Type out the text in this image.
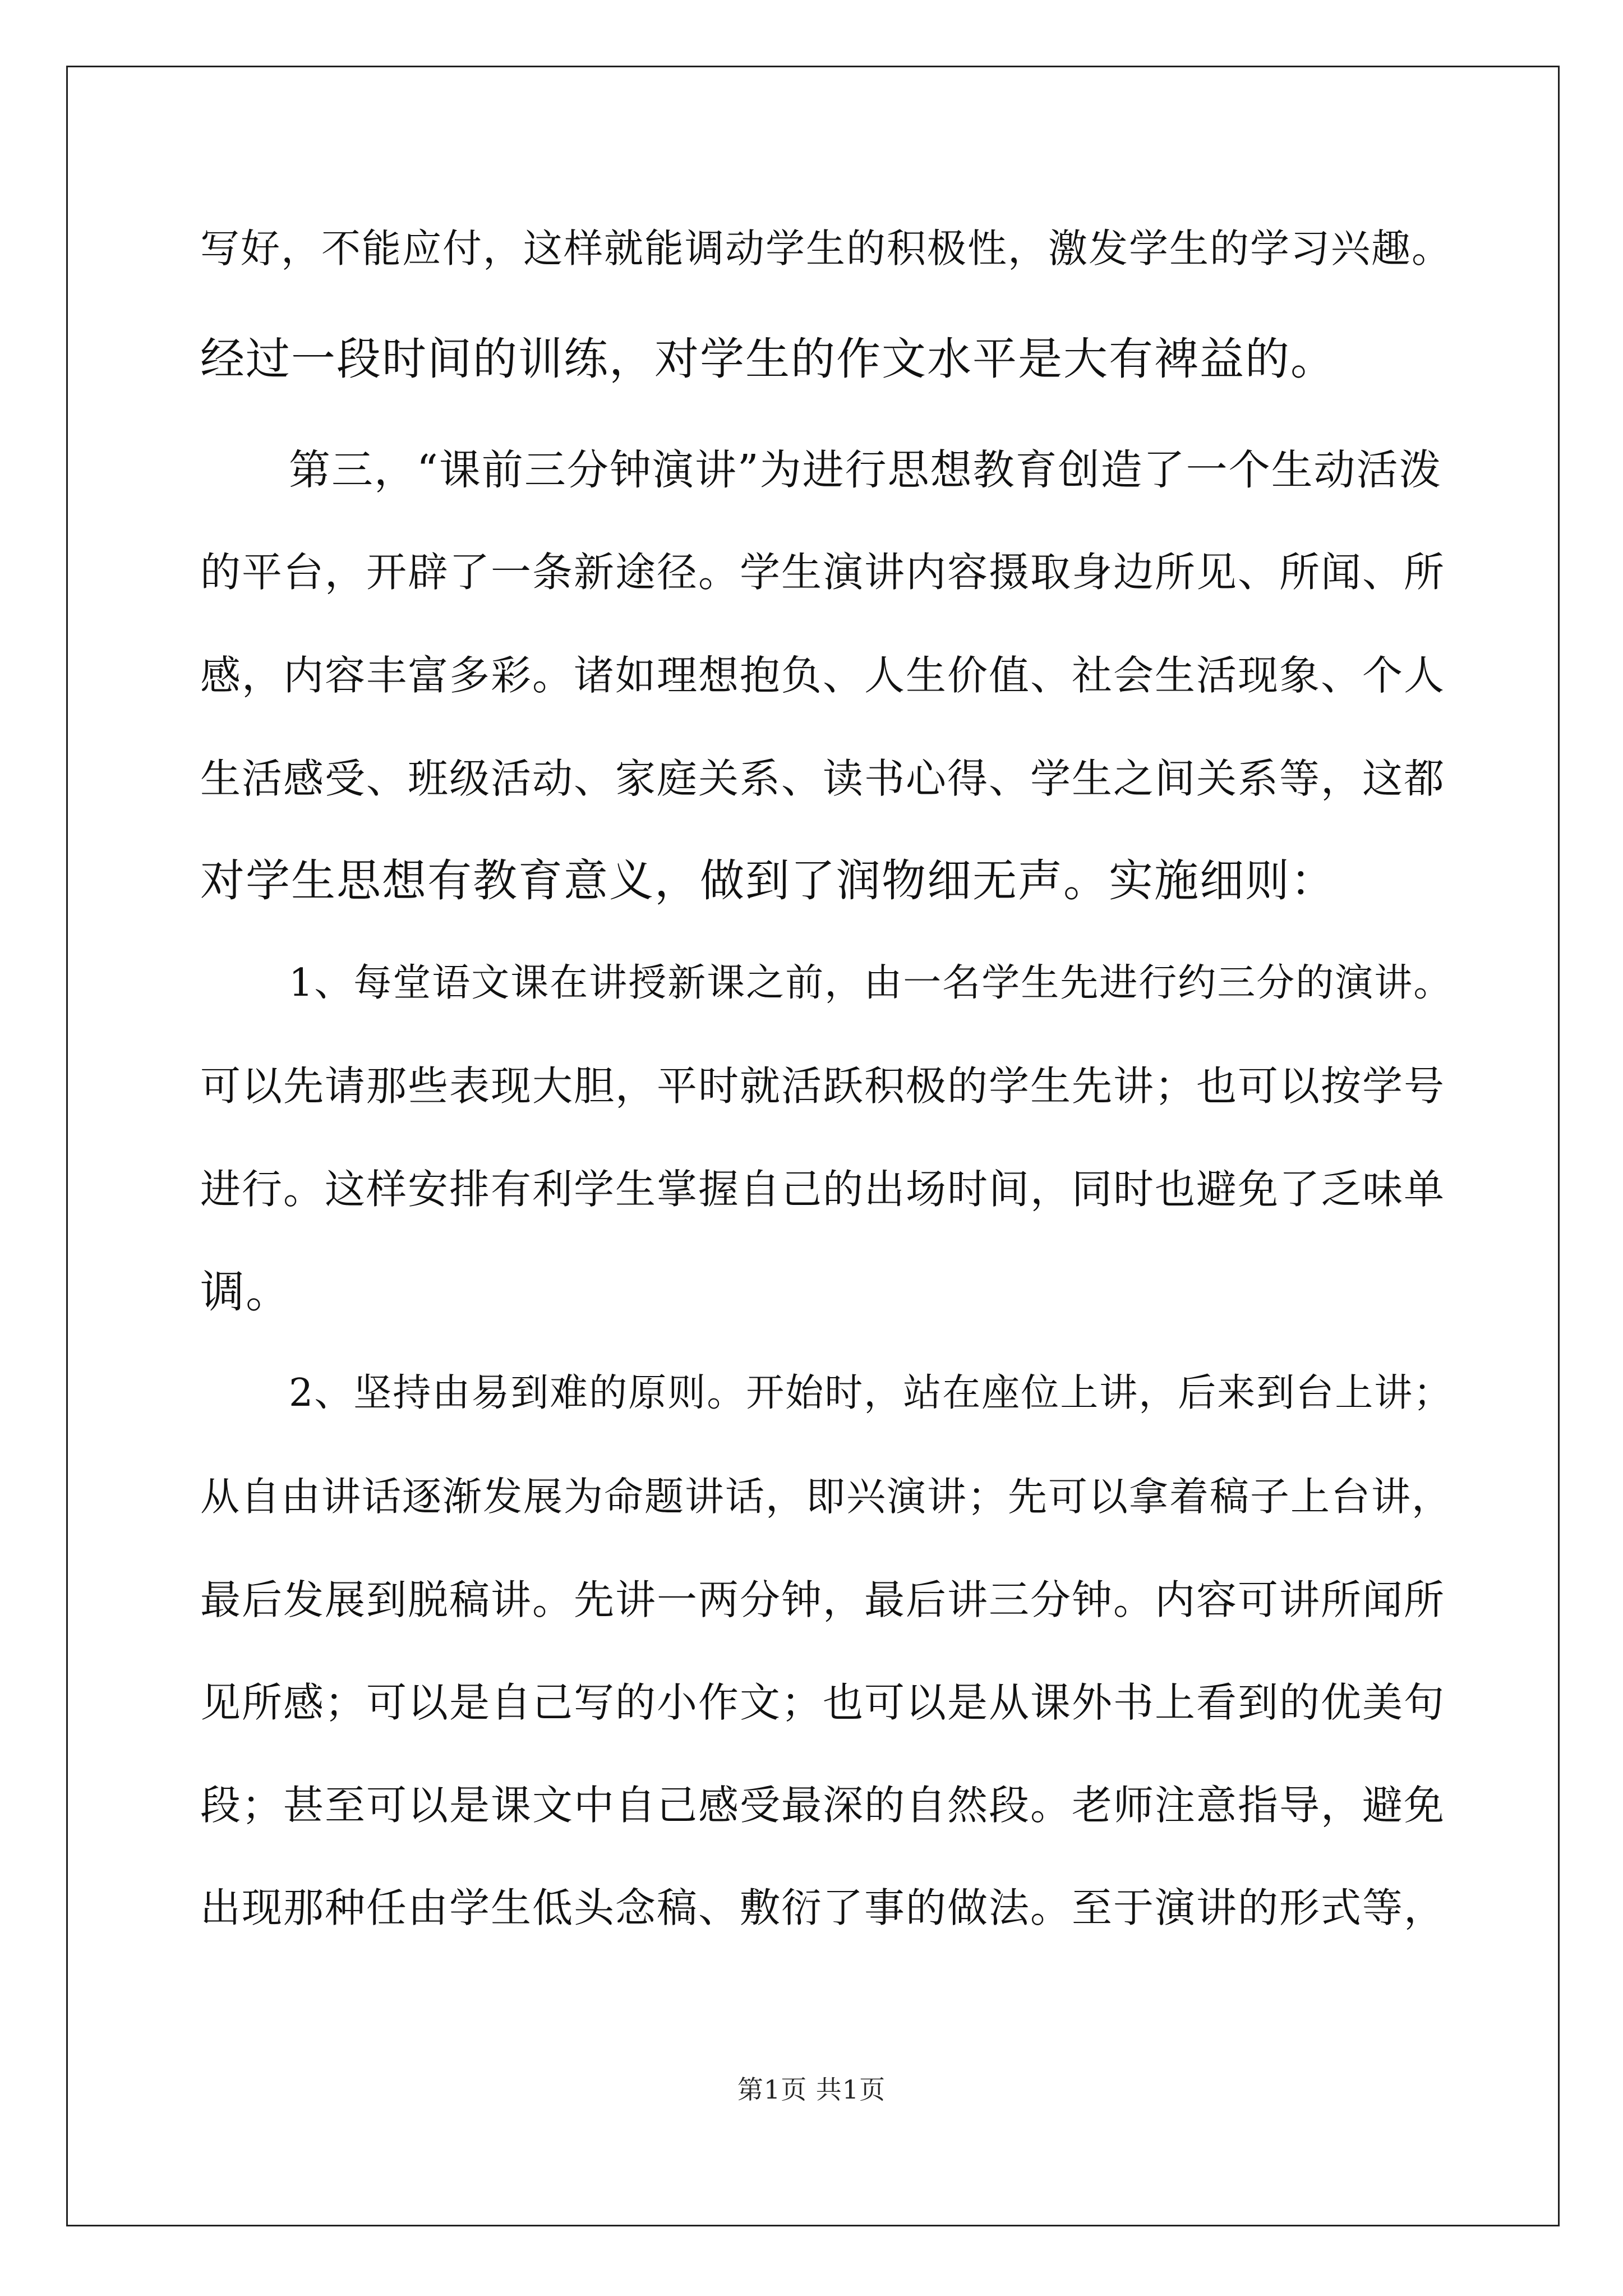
写好，不能应付，这样就能调动学生的积极性，激发学生的学习兴趣。
经过一段时间的训练，对学生的作文水平是大有裨益的。
第三，“课前三分钟演讲”为进行思想教育创造了一个生动活泼
的平台，开辟了一条新途径。学生演讲内容摄取身边所见、所闻、所
感，内容丰富多彩。诸如理想抱负、人生价值、社会生活现象、个人
生活感受、班级活动、家庭关系、读书心得、学生之间关系等，这都
对学生思想有教育意义，做到了润物细无声。实施细则：
1、每堂语文课在讲授新课之前，由一名学生先进行约三分的演讲。
可以先请那些表现大胆，平时就活跃积极的学生先讲；也可以按学号
进行。这样安排有利学生掌握自己的出场时间，同时也避免了乏味单
调。
2、坚持由易到难的原则。开始时，站在座位上讲，后来到台上讲；
从自由讲话逐渐发展为命题讲话，即兴演讲；先可以拿着稿子上台讲，
最后发展到脱稿讲。先讲一两分钟，最后讲三分钟。内容可讲所闻所
见所感；可以是自己写的小作文；也可以是从课外书上看到的优美句
段；甚至可以是课文中自己感受最深的自然段。老师注意指导，避免
出现那种任由学生低头念稿、敷衍了事的做法。至于演讲的形式等，
第1页 共1页
